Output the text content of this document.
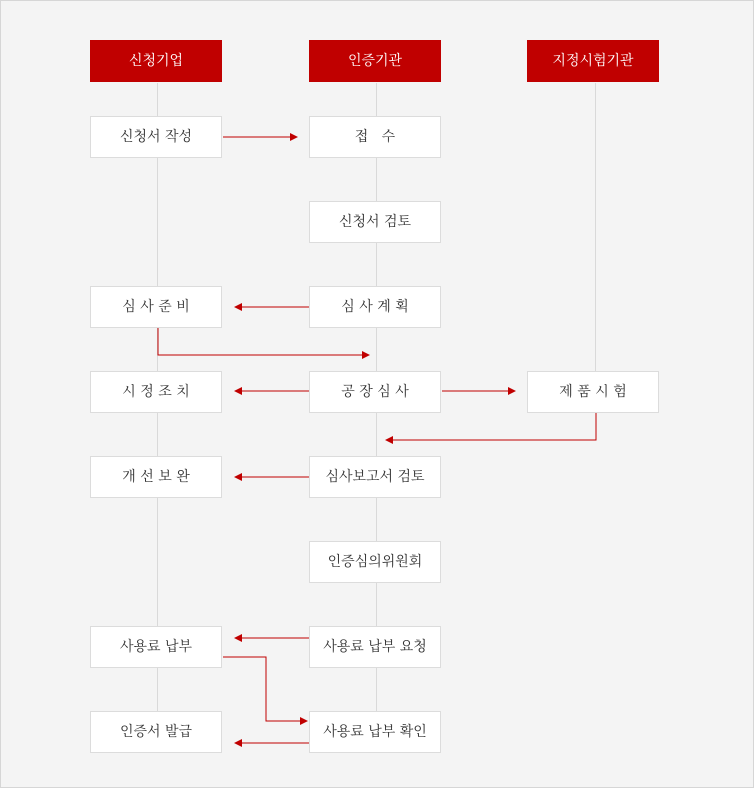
신청기업	인증기관	지정시험기관
신청서 작성
심 사 준 비
시 정 조 치
개 선 보 완
사용료 납부
인증서 발급
접   수
신청서 검토
심 사 계 획
공 장 심 사
심사보고서 검토
인증심의위원회
사용료 납부 요청
사용료 납부 확인
제 품 시 험
